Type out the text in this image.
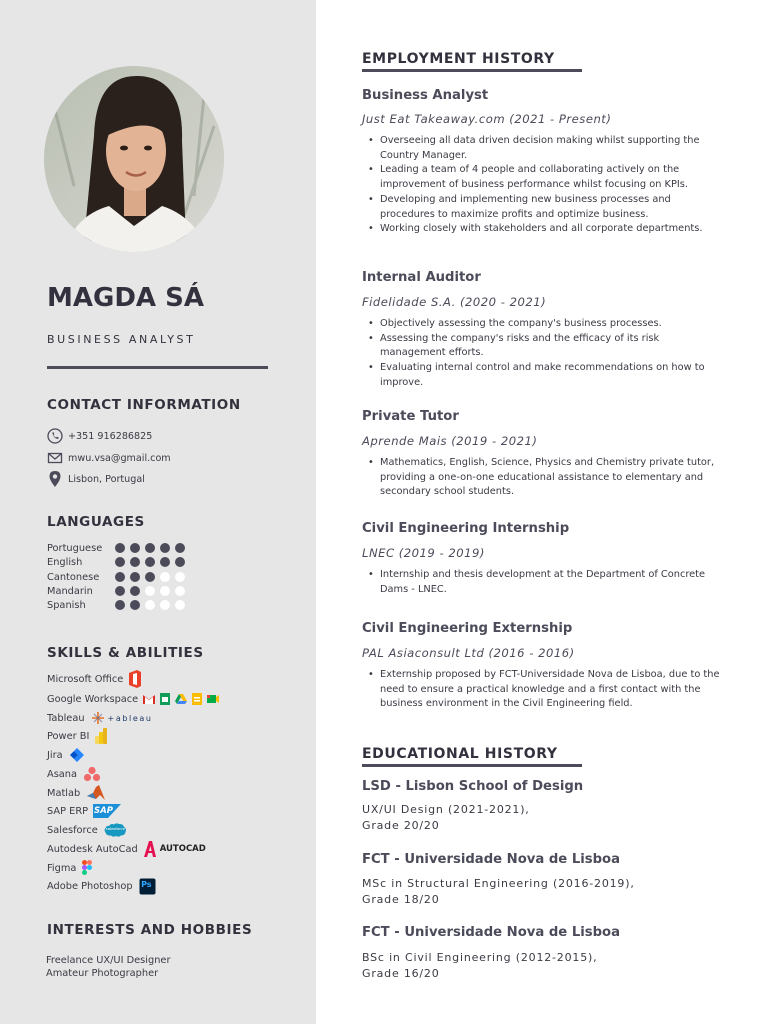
MAGDA SÁ
BUSINESS ANALYST
CONTACT INFORMATION
+351 916286825
mwu.vsa@gmail.com
Lisbon, Portugal
LANGUAGES
Portuguese
English
Cantonese
Mandarin
Spanish
SKILLS & ABILITIES
Microsoft Office
Google Workspace
Tableau	+ableau
Power BI
Jira
Asana
Matlab
SAP ERP SAP
Salesforce salesforce
Autodesk AutoCad	AUTOCAD
Figma
Adobe Photoshop Ps
INTERESTS AND HOBBIES
Freelance UX/UI Designer
Amateur Photographer
EMPLOYMENT HISTORY
Business Analyst
Just Eat Takeaway.com (2021 - Present)
• Overseeing all data driven decision making whilst supporting the Country Manager.
• Leading a team of 4 people and collaborating actively on the improvement of business performance whilst focusing on KPIs.
• Developing and implementing new business processes and procedures to maximize profits and optimize business.
• Working closely with stakeholders and all corporate departments.
Internal Auditor
Fidelidade S.A. (2020 - 2021)
• Objectively assessing the company's business processes.
• Assessing the company's risks and the efficacy of its risk management efforts.
• Evaluating internal control and make recommendations on how to improve.
Private Tutor
Aprende Mais (2019 - 2021)
• Mathematics, English, Science, Physics and Chemistry private tutor, providing a one-on-one educational assistance to elementary and secondary school students.
Civil Engineering Internship
LNEC (2019 - 2019)
• Internship and thesis development at the Department of Concrete Dams - LNEC.
Civil Engineering Externship
PAL Asiaconsult Ltd (2016 - 2016)
• Externship proposed by FCT-Universidade Nova de Lisboa, due to the need to ensure a practical knowledge and a first contact with the business environment in the Civil Engineering field.
EDUCATIONAL HISTORY
LSD - Lisbon School of Design
UX/UI Design (2021-2021),
Grade 20/20
FCT - Universidade Nova de Lisboa
MSc in Structural Engineering (2016-2019),
Grade 18/20
FCT - Universidade Nova de Lisboa
BSc in Civil Engineering (2012-2015),
Grade 16/20
